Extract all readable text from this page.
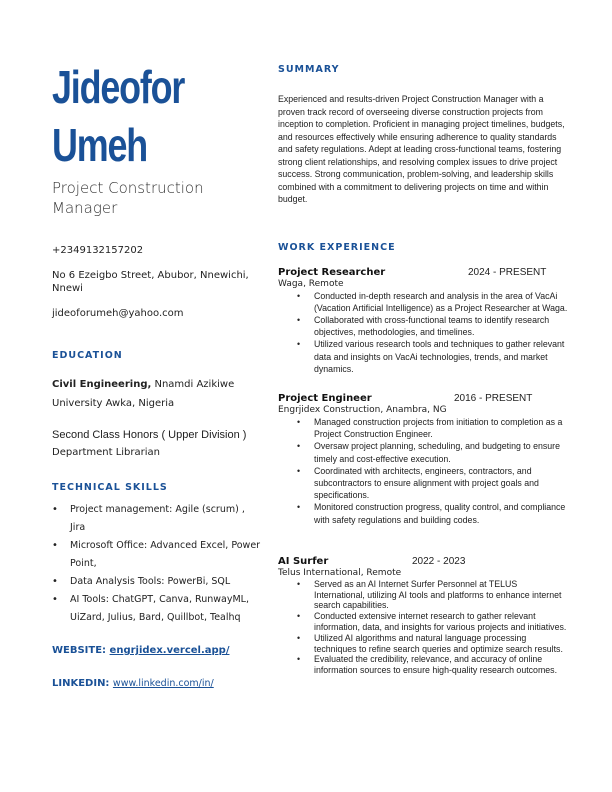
Jideofor
Umeh
Project Construction Manager
+2349132157202
No 6 Ezeigbo Street, Abubor, Nnewichi, Nnewi
jideoforumeh@yahoo.com
EDUCATION
Civil Engineering, Nnamdi Azikiwe University Awka, Nigeria
Second Class Honors ( Upper Division )
Department Librarian
TECHNICAL SKILLS
• Project management: Agile (scrum) , Jira
• Microsoft Office: Advanced Excel, Power Point,
• Data Analysis Tools: PowerBi, SQL
• AI Tools: ChatGPT, Canva, RunwayML, UiZard, Julius, Bard, Quillbot, Tealhq
WEBSITE: engrjidex.vercel.app/
LINKEDIN: www.linkedin.com/in/
SUMMARY

Experienced and results-driven Project Construction Manager with a proven track record of overseeing diverse construction projects from inception to completion. Proficient in managing project timelines, budgets, and resources effectively while ensuring adherence to quality standards and safety regulations. Adept at leading cross-functional teams, fostering strong client relationships, and resolving complex issues to drive project success. Strong communication, problem-solving, and leadership skills combined with a commitment to delivering projects on time and within budget.

WORK EXPERIENCE
Project Researcher	2024 - PRESENT
Waga, Remote
• Conducted in-depth research and analysis in the area of VacAi (Vacation Artificial Intelligence) as a Project Researcher at Waga.
• Collaborated with cross-functional teams to identify research objectives, methodologies, and timelines.
• Utilized various research tools and techniques to gather relevant data and insights on VacAi technologies, trends, and market dynamics.
Project Engineer	2016 - PRESENT
Engrjidex Construction, Anambra, NG
• Managed construction projects from initiation to completion as a Project Construction Engineer.
• Oversaw project planning, scheduling, and budgeting to ensure timely and cost-effective execution.
• Coordinated with architects, engineers, contractors, and subcontractors to ensure alignment with project goals and specifications.
• Monitored construction progress, quality control, and compliance with safety regulations and building codes.
AI Surfer	2022 - 2023
Telus International, Remote
• Served as an AI Internet Surfer Personnel at TELUS International, utilizing AI tools and platforms to enhance internet search capabilities.
• Conducted extensive internet research to gather relevant information, data, and insights for various projects and initiatives.
• Utilized AI algorithms and natural language processing techniques to refine search queries and optimize search results.
• Evaluated the credibility, relevance, and accuracy of online information sources to ensure high-quality research outcomes.
